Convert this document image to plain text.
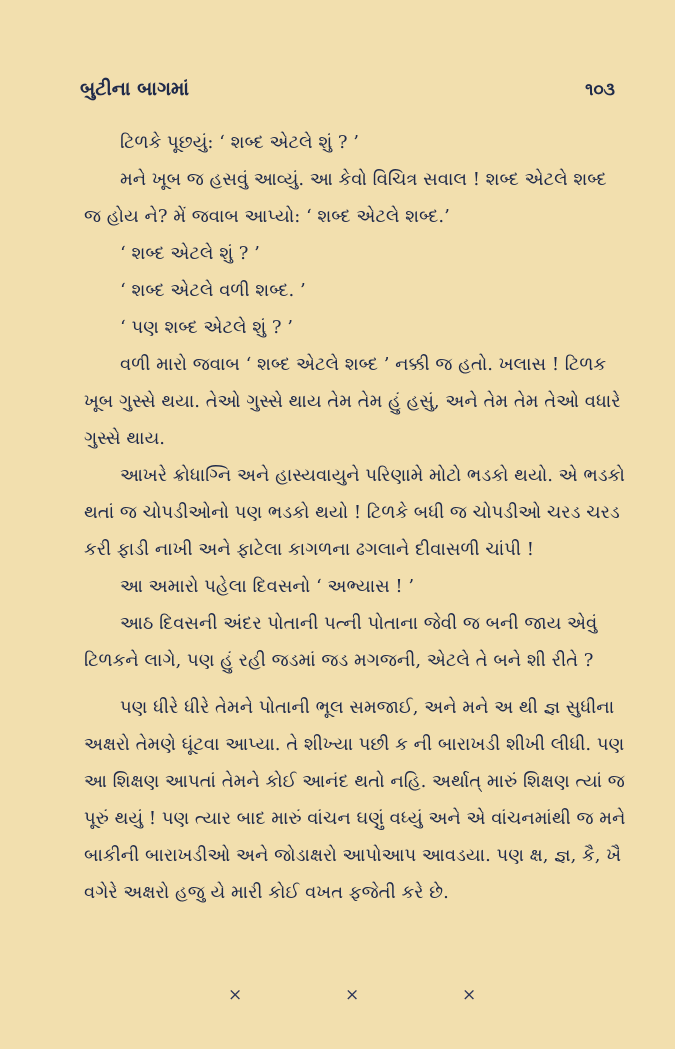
બુટીના બાગમાં	૧૦૩

ટિળકે પૂછયું: ‘ શબ્દ એટલે શું ? ’

મને ખૂબ જ હસવું આવ્યું. આ કેવો વિચિત્ર સવાલ ! શબ્દ એટલે શબ્દ જ હોય ને? મેં જવાબ આપ્યો: ‘ શબ્દ એટલે શબ્દ.’

‘ શબ્દ એટલે શું ? ’

‘ શબ્દ એટલે વળી શબ્દ. ’

‘ પણ શબ્દ એટલે શું ? ’

વળી મારો જવાબ ‘ શબ્દ એટલે શબ્દ ’ નક્કી જ હતો. ખલાસ ! ટિળક ખૂબ ગુસ્સે થયા. તેઓ ગુસ્સે થાય તેમ તેમ હું હસું, અને તેમ તેમ તેઓ વધારે ગુસ્સે થાય.

આખરે ક્રોધાગ્નિ અને હાસ્યવાયુને પરિણામે મોટો ભડકો થયો. એ ભડકો થતાં જ ચોપડીઓનો પણ ભડકો થયો ! ટિળકે બધી જ ચોપડીઓ ચરડ ચરડ કરી ફાડી નાખી અને ફાટેલા કાગળના ઢગલાને દીવાસળી ચાંપી !

આ અમારો પહેલા દિવસનો ‘ અભ્યાસ ! ’

આઠ દિવસની અંદર પોતાની પત્ની પોતાના જેવી જ બની જાય એવું ટિળકને લાગે, પણ હું રહી જડમાં જડ મગજની, એટલે તે બને શી રીતે ?

પણ ધીરે ધીરે તેમને પોતાની ભૂલ સમજાઈ, અને મને અ થી જ્ઞ સુધીના અક્ષરો તેમણે ઘૂંટવા આપ્યા. તે શીખ્યા પછી ક ની બારાખડી શીખી લીધી. પણ આ શિક્ષણ આપતાં તેમને કોઈ આનંદ થતો નહિ. અર્થાત્ મારું શિક્ષણ ત્યાં જ પૂરું થયું ! પણ ત્યાર બાદ મારું વાંચન ઘણું વધ્યું અને એ વાંચનમાંથી જ મને બાકીની બારાખડીઓ અને જોડાક્ષરો આપોઆપ આવડયા. પણ ક્ષ, જ્ઞ, કૈ, ખૈ વગેરે અક્ષરો હજુ યે મારી કોઈ વખત ફજેતી કરે છે.

×	×	×
